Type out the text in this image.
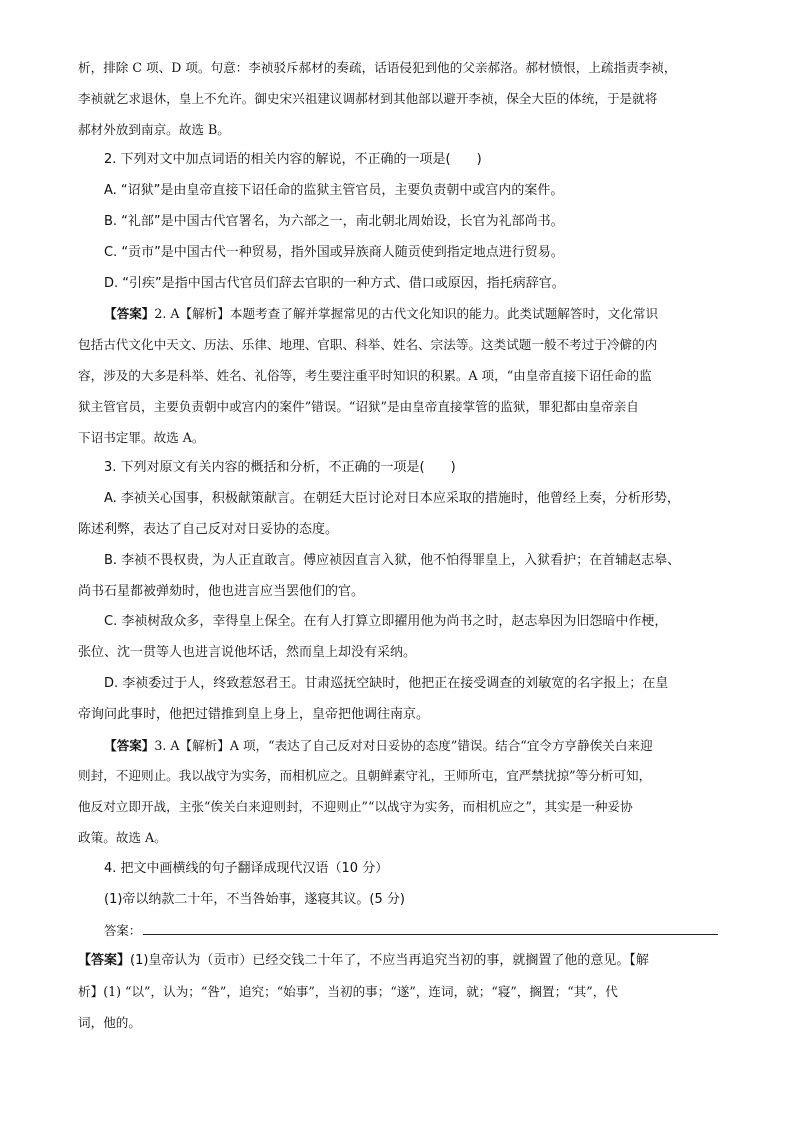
析，排除 C 项、D 项。句意：李祯驳斥郝材的奏疏，话语侵犯到他的父亲郝洛。郝材愤恨，上疏指责李祯，
李祯就乞求退休，皇上不允许。御史宋兴祖建议调郝材到其他部以避开李祯，保全大臣的体统，于是就将
郝材外放到南京。故选 B。
2. 下列对文中加点词语的相关内容的解说，不正确的一项是(　　)
A. “诏狱”是由皇帝直接下诏任命的监狱主管官员，主要负责朝中或宫内的案件。
B. “礼部”是中国古代官署名，为六部之一，南北朝北周始设，长官为礼部尚书。
C. “贡市”是中国古代一种贸易，指外国或异族商人随贡使到指定地点进行贸易。
D. “引疾”是指中国古代官员们辞去官职的一种方式、借口或原因，指托病辞官。
【答案】2. A【解析】本题考查了解并掌握常见的古代文化知识的能力。此类试题解答时，文化常识
包括古代文化中天文、历法、乐律、地理、官职、科举、姓名、宗法等。这类试题一般不考过于冷僻的内
容，涉及的大多是科举、姓名、礼俗等，考生要注重平时知识的积累。A 项，“由皇帝直接下诏任命的监
狱主管官员，主要负责朝中或宫内的案件”错误。“诏狱”是由皇帝直接掌管的监狱，罪犯都由皇帝亲自
下诏书定罪。故选 A。
3. 下列对原文有关内容的概括和分析，不正确的一项是(　　)
A. 李祯关心国事，积极献策献言。在朝廷大臣讨论对日本应采取的措施时，他曾经上奏，分析形势，
陈述利弊，表达了自己反对对日妥协的态度。
B. 李祯不畏权贵，为人正直敢言。傅应祯因直言入狱，他不怕得罪皇上，入狱看护；在首辅赵志皋、
尚书石星都被弹劾时，他也进言应当罢他们的官。
C. 李祯树敌众多，幸得皇上保全。在有人打算立即擢用他为尚书之时，赵志皋因为旧怨暗中作梗，
张位、沈一贯等人也进言说他坏话，然而皇上却没有采纳。
D. 李祯委过于人，终致惹怒君王。甘肃巡抚空缺时，他把正在接受调查的刘敏宽的名字报上；在皇
帝询问此事时，他把过错推到皇上身上，皇帝把他调往南京。
【答案】3. A【解析】A 项，“表达了自己反对对日妥协的态度”错误。结合“宜令方亨静俟关白来迎
则封，不迎则止。我以战守为实务，而相机应之。且朝鲜素守礼，王师所屯，宜严禁扰掠”等分析可知，
他反对立即开战，主张“俟关白来迎则封，不迎则止”“以战守为实务，而相机应之”，其实是一种妥协
政策。故选 A。
4. 把文中画横线的句子翻译成现代汉语（10 分）
(1)帝以纳款二十年，不当咎始事，遂寝其议。(5 分)
答案：
【答案】(1)皇帝认为（贡市）已经交钱二十年了，不应当再追究当初的事，就搁置了他的意见。【解
析】(1) “以”，认为；“咎”，追究；“始事”，当初的事；“遂”，连词，就；“寝”，搁置；“其”，代
词，他的。
